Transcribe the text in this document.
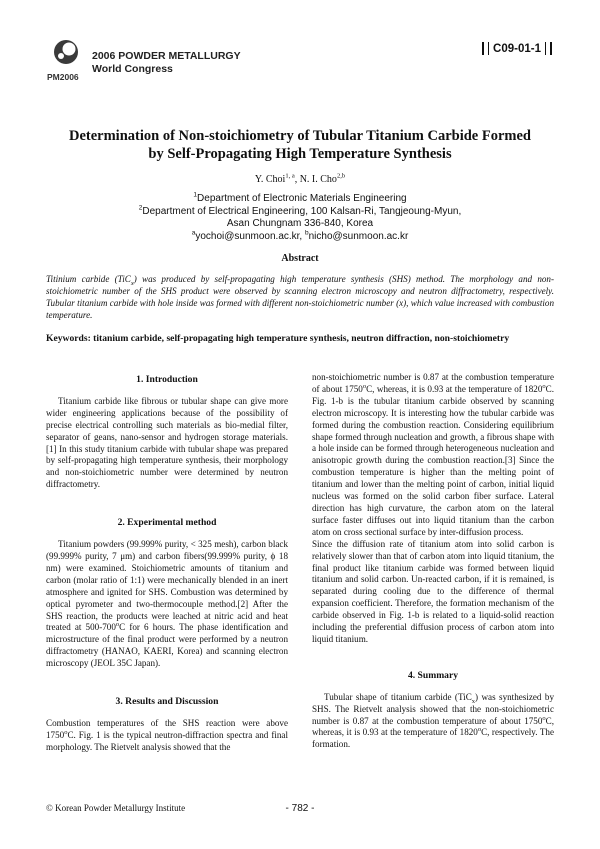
PM2006
2006 POWDER METALLURGY
World Congress
C09-01-1
Determination of Non-stoichiometry of Tubular Titanium Carbide Formed
by Self-Propagating High Temperature Synthesis
Y. Choi$^{1, a}$, N. I. Cho$^{2,b}$
$^1$Department of Electronic Materials Engineering
$^2$Department of Electrical Engineering, 100 Kalsan-Ri, Tangjeoung-Myun,
Asan Chungnam 336-840, Korea
$^a$yochoi@sunmoon.ac.kr, $^b$nicho@sunmoon.ac.kr
Abstract
Titinium carbide (TiC$_x$) was produced by self-propagating high temperature synthesis (SHS) method. The morphology and non-stoichiometric number of the SHS product were observed by scanning electron microscopy and neutron diffractometry, respectively. Tubular titanium carbide with hole inside was formed with different non-stoichiometric number (x), which value increased with combustion temperature.
Keywords: titanium carbide, self-propagating high temperature synthesis, neutron diffraction, non-stoichiometry
1. Introduction

Titanium carbide like fibrous or tubular shape can give more wider engineering applications because of the possibility of precise electrical controlling such materials as bio-medial filter, separator of geans, nano-sensor and hydrogen storage materials.[1] In this study titanium carbide with tubular shape was prepared by self-propagating high temperature synthesis, their morphology and non-stoichiometric number were determined by neutron diffractometry.

2. Experimental method

Titanium powders (99.999% purity, < 325 mesh), carbon black (99.999% purity, 7 μm) and carbon fibers(99.999% purity, ϕ 18 nm) were examined. Stoichiometric amounts of titanium and carbon (molar ratio of 1:1) were mechanically blended in an inert atmosphere and ignited for SHS. Combustion was determined by optical pyrometer and two-thermocouple method.[2] After the SHS reaction, the products were leached at nitric acid and heat treated at 500-700$^o$C for 6 hours. The phase identification and microstructure of the final product were performed by a neutron diffractometry (HANAO, KAERI, Korea) and scanning electron microscopy (JEOL 35C Japan).

3. Results and Discussion

Combustion temperatures of the SHS reaction were above 1750$^o$C. Fig. 1 is the typical neutron-diffraction spectra and final morphology. The Rietvelt analysis showed that the

non-stoichiometric number is 0.87 at the combustion temperature of about 1750$^o$C, whereas, it is 0.93 at the temperature of 1820$^o$C. Fig. 1-b is the tubular titanium carbide observed by scanning electron microscopy. It is interesting how the tubular carbide was formed during the combustion reaction. Considering equilibrium shape formed through nucleation and growth, a fibrous shape with a hole inside can be formed through heterogeneous nucleation and anisotropic growth during the combustion reaction.[3] Since the combustion temperature is higher than the melting point of titanium and lower than the melting point of carbon, initial liquid nucleus was formed on the solid carbon fiber surface. Lateral direction has high curvature, the carbon atom on the lateral surface faster diffuses out into liquid titanium than the carbon atom on cross sectional surface by inter-diffusion process.

Since the diffusion rate of titanium atom into solid carbon is relatively slower than that of carbon atom into liquid titanium, the final product like titanium carbide was formed between liquid titanium and solid carbon. Un-reacted carbon, if it is remained, is separated during cooling due to the difference of thermal expansion coefficient. Therefore, the formation mechanism of the carbide observed in Fig. 1-b is related to a liquid-solid reaction including the preferential diffusion process of carbon atom into liquid titanium.

4. Summary

Tubular shape of titanium carbide (TiC$_x$) was synthesized by SHS. The Rietvelt analysis showed that the non-stoichiometric number is 0.87 at the combustion temperature of about 1750$^o$C, whereas, it is 0.93 at the temperature of 1820$^o$C, respectively. The formation.

© Korean Powder Metallurgy Institute	- 782 -
